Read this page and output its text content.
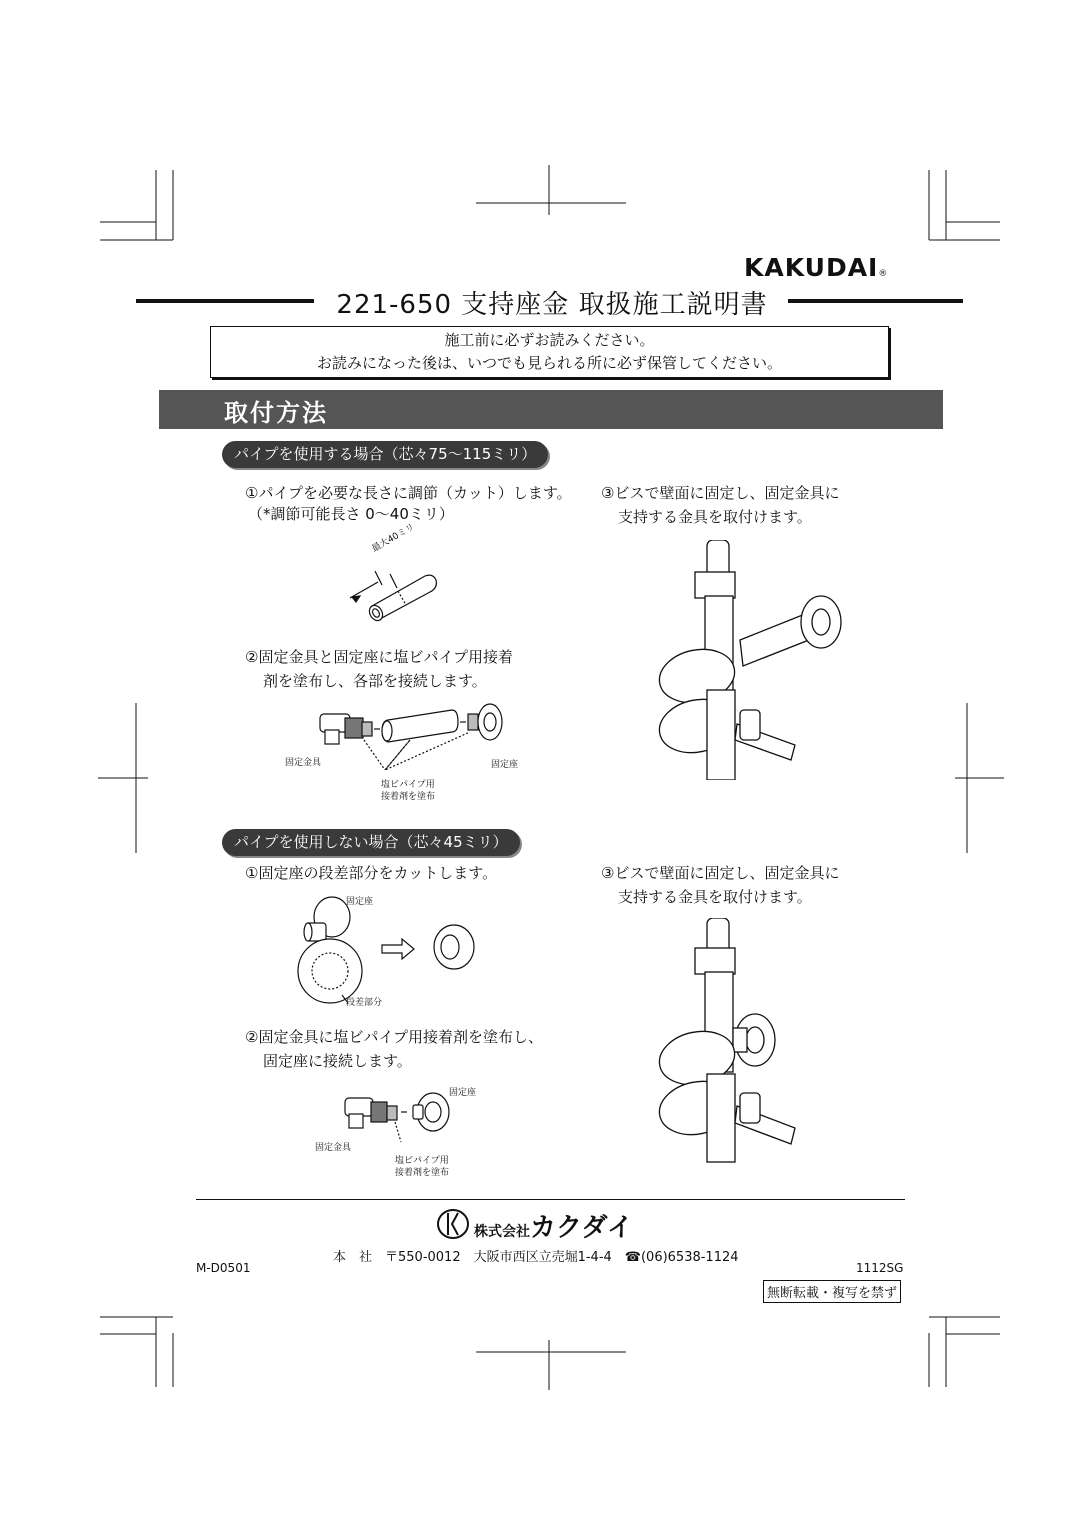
KAKUDAI®
221-650 支持座金 取扱施工説明書
施工前に必ずお読みください。
お読みになった後は、いつでも見られる所に必ず保管してください。
取付方法
パイプを使用する場合（芯々75〜115ミリ）
①パイプを必要な長さに調節（カット）します。
（*調節可能長さ 0〜40ミリ）
最大40ミリ
②固定金具と固定座に塩ビパイプ用接着
剤を塗布し、各部を接続します。
固定金具	固定座
塩ビパイプ用
接着剤を塗布
③ビスで壁面に固定し、固定金具に
支持する金具を取付けます。
パイプを使用しない場合（芯々45ミリ）
①固定座の段差部分をカットします。
固定座
段差部分
②固定金具に塩ビパイプ用接着剤を塗布し、
固定座に接続します。
固定座
固定金具
塩ビパイプ用
接着剤を塗布
③ビスで壁面に固定し、固定金具に
支持する金具を取付けます。
株式会社カクダイ
本　社　〒550-0012　大阪市西区立売堀1-4-4　☎(06)6538-1124
M-D0501	1112SG
無断転載・複写を禁ず
